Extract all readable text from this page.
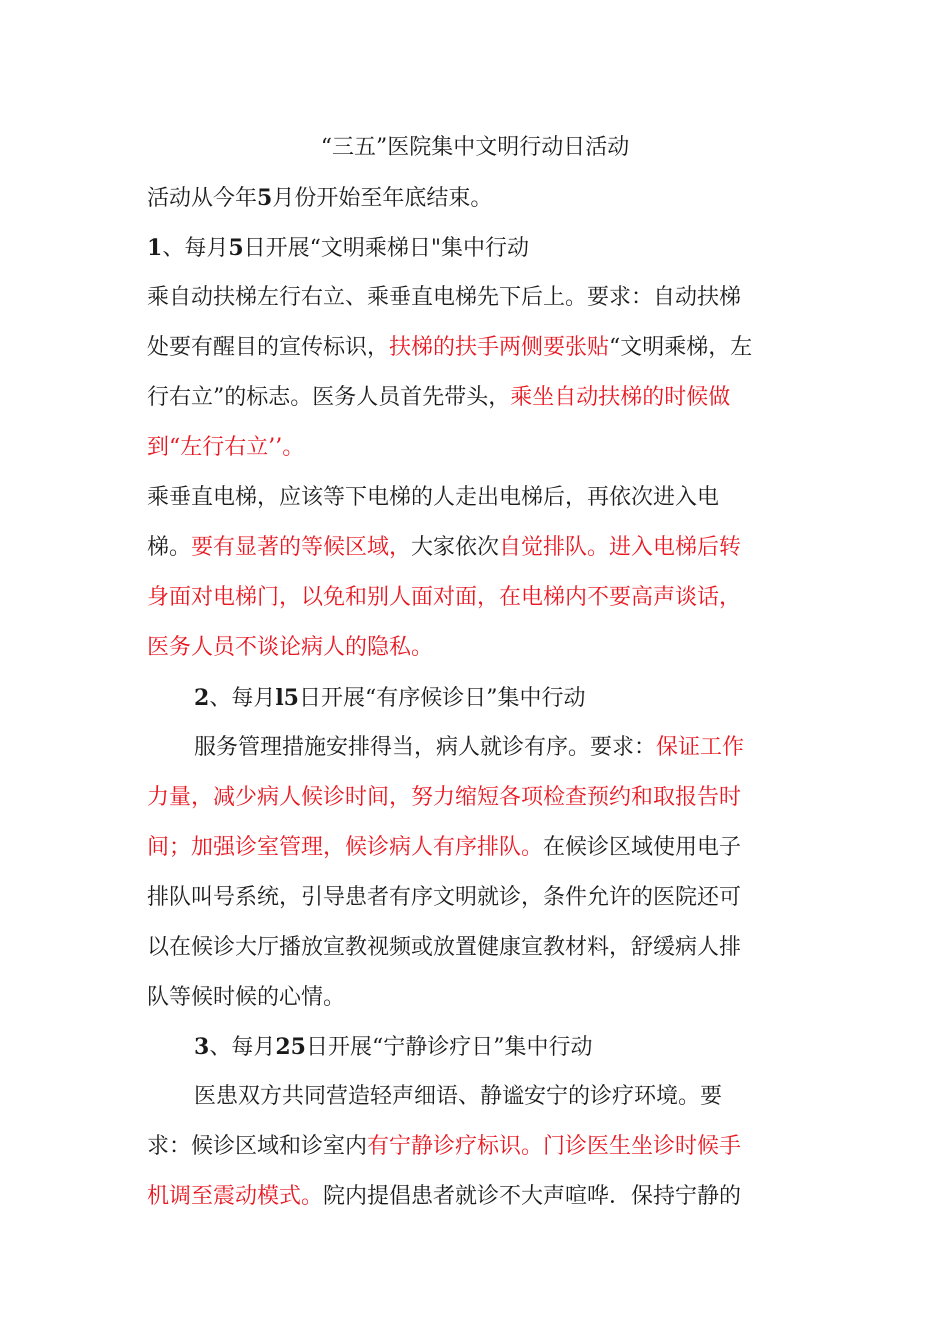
“三五”医院集中文明行动日活动
活动从今年5月份开始至年底结束。
1、每月5日开展“文明乘梯日"集中行动
乘自动扶梯左行右立、乘垂直电梯先下后上。要求：自动扶梯
处要有醒目的宣传标识，扶梯的扶手两侧要张贴“文明乘梯，左
行右立”的标志。医务人员首先带头，乘坐自动扶梯的时候做
到“左行右立’’。
乘垂直电梯，应该等下电梯的人走出电梯后，再依次进入电
梯。要有显著的等候区域，大家依次自觉排队。进入电梯后转
身面对电梯门，以免和别人面对面，在电梯内不要高声谈话，
医务人员不谈论病人的隐私。
2、每月l5日开展“有序候诊日”集中行动
服务管理措施安排得当，病人就诊有序。要求：保证工作
力量，减少病人候诊时间，努力缩短各项检查预约和取报告时
间；加强诊室管理，候诊病人有序排队。在候诊区域使用电子
排队叫号系统，引导患者有序文明就诊，条件允许的医院还可
以在候诊大厅播放宣教视频或放置健康宣教材料，舒缓病人排
队等候时候的心情。
3、每月25日开展“宁静诊疗日”集中行动
医患双方共同营造轻声细语、静谧安宁的诊疗环境。要
求：候诊区域和诊室内有宁静诊疗标识。门诊医生坐诊时候手
机调至震动模式。院内提倡患者就诊不大声喧哗．保持宁静的
